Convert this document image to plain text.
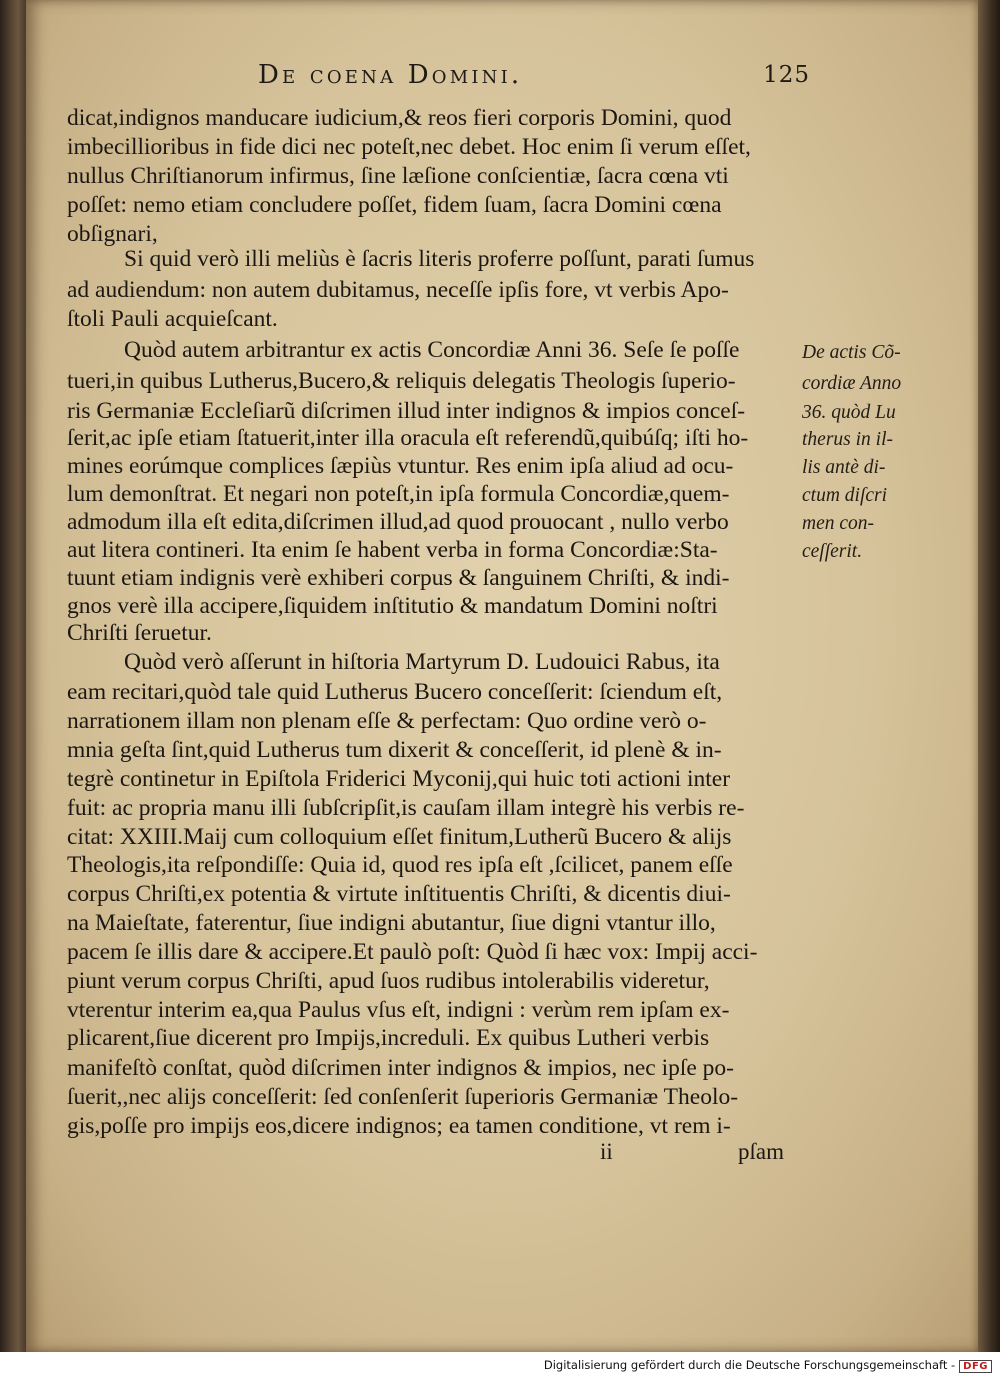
De coena Domini.	125
dicat,indignos manducare iudicium,& reos fieri corporis Domini, quod
imbecillioribus in fide dici nec poteſt,nec debet. Hoc enim ſi verum eſſet,
nullus Chriſtianorum infirmus, ſine læſione conſcientiæ, ſacra cœna vti
poſſet: nemo etiam concludere poſſet, fidem ſuam, ſacra Domini cœna
obſignari,
Si quid verò illi meliùs è ſacris literis proferre poſſunt, parati ſumus
ad audiendum: non autem dubitamus, neceſſe ipſis fore, vt verbis Apo-
ſtoli Pauli acquieſcant.
Quòd autem arbitrantur ex actis Concordiæ Anni 36. Seſe ſe poſſe
tueri,in quibus Lutherus,Bucero,& reliquis delegatis Theologis ſuperio-
ris Germaniæ Eccleſiarũ diſcrimen illud inter indignos & impios conceſ-
ſerit,ac ipſe etiam ſtatuerit,inter illa oracula eſt referendũ,quibúſq; iſti ho-
mines eorúmque complices ſæpiùs vtuntur. Res enim ipſa aliud ad ocu-
lum demonſtrat. Et negari non poteſt,in ipſa formula Concordiæ,quem-
admodum illa eſt edita,diſcrimen illud,ad quod prouocant , nullo verbo
aut litera contineri. Ita enim ſe habent verba in forma Concordiæ:Sta-
tuunt etiam indignis verè exhiberi corpus & ſanguinem Chriſti, & indi-
gnos verè illa accipere,ſiquidem inſtitutio & mandatum Domini noſtri
Chriſti ſeruetur.
Quòd verò aſſerunt in hiſtoria Martyrum D. Ludouici Rabus, ita
eam recitari,quòd tale quid Lutherus Bucero conceſſerit: ſciendum eſt,
narrationem illam non plenam eſſe & perfectam: Quo ordine verò o-
mnia geſta ſint,quid Lutherus tum dixerit & conceſſerit, id plenè & in-
tegrè continetur in Epiſtola Friderici Myconij,qui huic toti actioni inter
fuit: ac propria manu illi ſubſcripſit,is cauſam illam integrè his verbis re-
citat: XXIII.Maij cum colloquium eſſet finitum,Lutherũ Bucero & alijs
Theologis,ita reſpondiſſe: Quia id, quod res ipſa eſt ,ſcilicet, panem eſſe
corpus Chriſti,ex potentia & virtute inſtituentis Chriſti, & dicentis diui-
na Maieſtate, faterentur, ſiue indigni abutantur, ſiue digni vtantur illo,
pacem ſe illis dare & accipere.Et paulò poſt: Quòd ſi hæc vox: Impij acci-
piunt verum corpus Chriſti, apud ſuos rudibus intolerabilis videretur,
vterentur interim ea,qua Paulus vſus eſt, indigni : verùm rem ipſam ex-
plicarent,ſiue dicerent pro Impijs,increduli. Ex quibus Lutheri verbis
manifeſtò conſtat, quòd diſcrimen inter indignos & impios, nec ipſe po-
ſuerit,,nec alijs conceſſerit: ſed conſenſerit ſuperioris Germaniæ Theolo-
gis,poſſe pro impijs eos,dicere indignos; ea tamen conditione, vt rem i-
De actis Cõ-
cordiæ Anno
36. quòd Lu
therus in il-
lis antè di-
ctum diſcri
men con-
ceſſerit.
ii	pſam
Digitalisierung gefördert durch die Deutsche Forschungsgemeinschaft - DFG
